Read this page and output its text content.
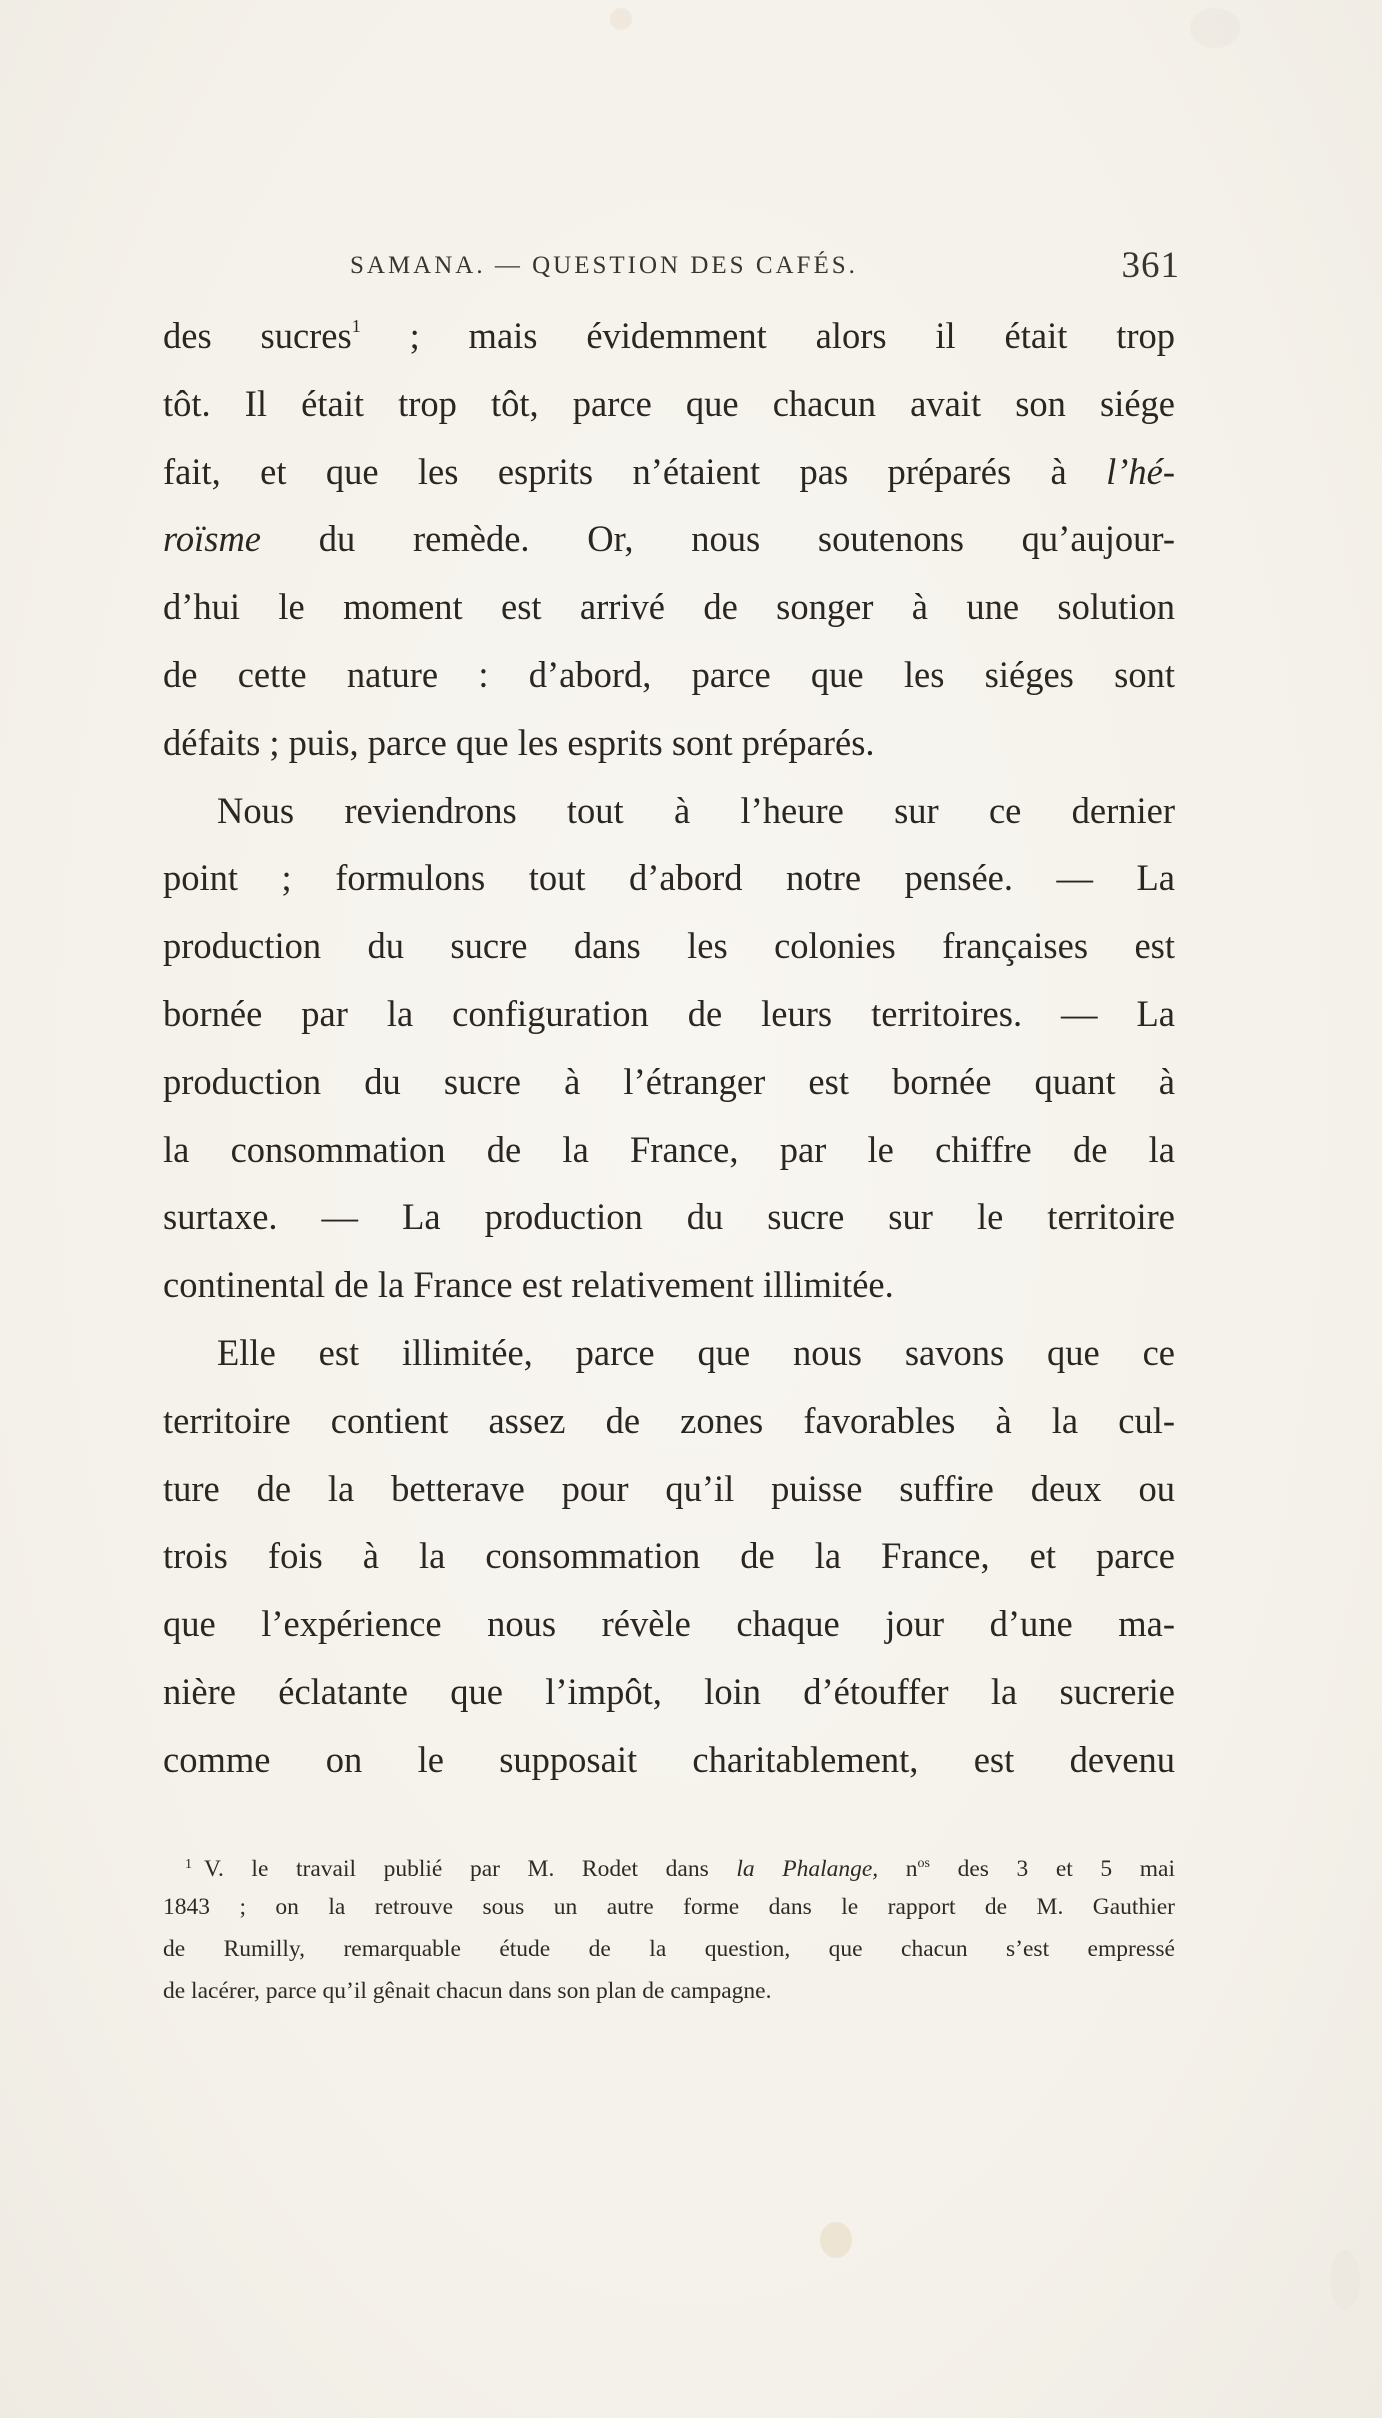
SAMANA. — QUESTION DES CAFÉS.	361
des sucres$^1$ ; mais évidemment alors il était trop
tôt. Il était trop tôt, parce que chacun avait son siége
fait, et que les esprits n’étaient pas préparés à l’hé-
roïsme du remède. Or, nous soutenons qu’aujour-
d’hui le moment est arrivé de songer à une solution
de cette nature : d’abord, parce que les siéges sont
défaits ; puis, parce que les esprits sont préparés.
Nous reviendrons tout à l’heure sur ce dernier
point ; formulons tout d’abord notre pensée. — La
production du sucre dans les colonies françaises est
bornée par la configuration de leurs territoires. — La
production du sucre à l’étranger est bornée quant à
la consommation de la France, par le chiffre de la
surtaxe. — La production du sucre sur le territoire
continental de la France est relativement illimitée.
Elle est illimitée, parce que nous savons que ce
territoire contient assez de zones favorables à la cul-
ture de la betterave pour qu’il puisse suffire deux ou
trois fois à la consommation de la France, et parce
que l’expérience nous révèle chaque jour d’une ma-
nière éclatante que l’impôt, loin d’étouffer la sucrerie
comme on le supposait charitablement, est devenu
$^1$ V. le travail publié par M. Rodet dans la Phalange, $n^{os}$ des 3 et 5 mai
1843 ; on la retrouve sous un autre forme dans le rapport de M. Gauthier
de Rumilly, remarquable étude de la question, que chacun s’est empressé
de lacérer, parce qu’il gênait chacun dans son plan de campagne.
